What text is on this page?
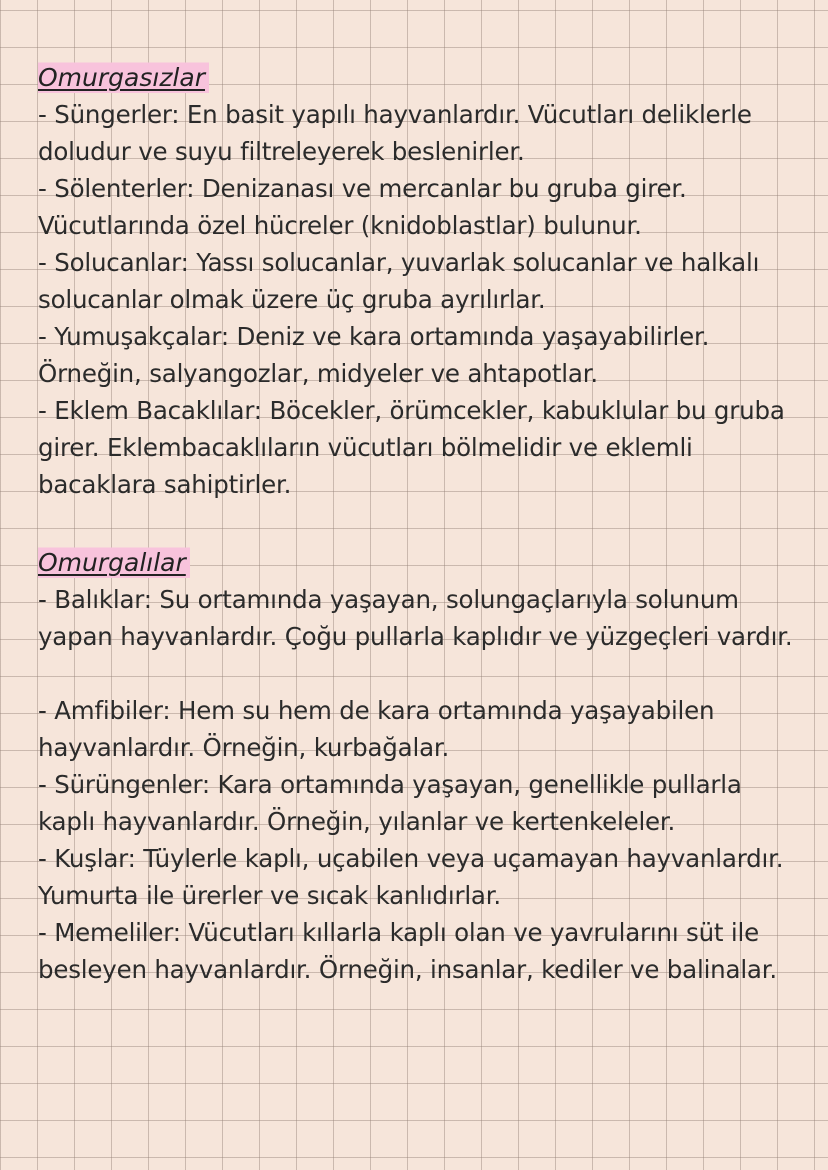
Omurgasızlar
- Süngerler: En basit yapılı hayvanlardır. Vücutları deliklerle
doludur ve suyu filtreleyerek beslenirler.
- Sölenterler: Denizanası ve mercanlar bu gruba girer.
Vücutlarında özel hücreler (knidoblastlar) bulunur.
- Solucanlar: Yassı solucanlar, yuvarlak solucanlar ve halkalı
solucanlar olmak üzere üç gruba ayrılırlar.
- Yumuşakçalar: Deniz ve kara ortamında yaşayabilirler.
Örneğin, salyangozlar, midyeler ve ahtapotlar.
- Eklem Bacaklılar: Böcekler, örümcekler, kabuklular bu gruba
girer. Eklembacaklıların vücutları bölmelidir ve eklemli
bacaklara sahiptirler.
Omurgalılar
- Balıklar: Su ortamında yaşayan, solungaçlarıyla solunum
yapan hayvanlardır. Çoğu pullarla kaplıdır ve yüzgeçleri vardır.
- Amfibiler: Hem su hem de kara ortamında yaşayabilen
hayvanlardır. Örneğin, kurbağalar.
- Sürüngenler: Kara ortamında yaşayan, genellikle pullarla
kaplı hayvanlardır. Örneğin, yılanlar ve kertenkeleler.
- Kuşlar: Tüylerle kaplı, uçabilen veya uçamayan hayvanlardır.
Yumurta ile ürerler ve sıcak kanlıdırlar.
- Memeliler: Vücutları kıllarla kaplı olan ve yavrularını süt ile
besleyen hayvanlardır. Örneğin, insanlar, kediler ve balinalar.
